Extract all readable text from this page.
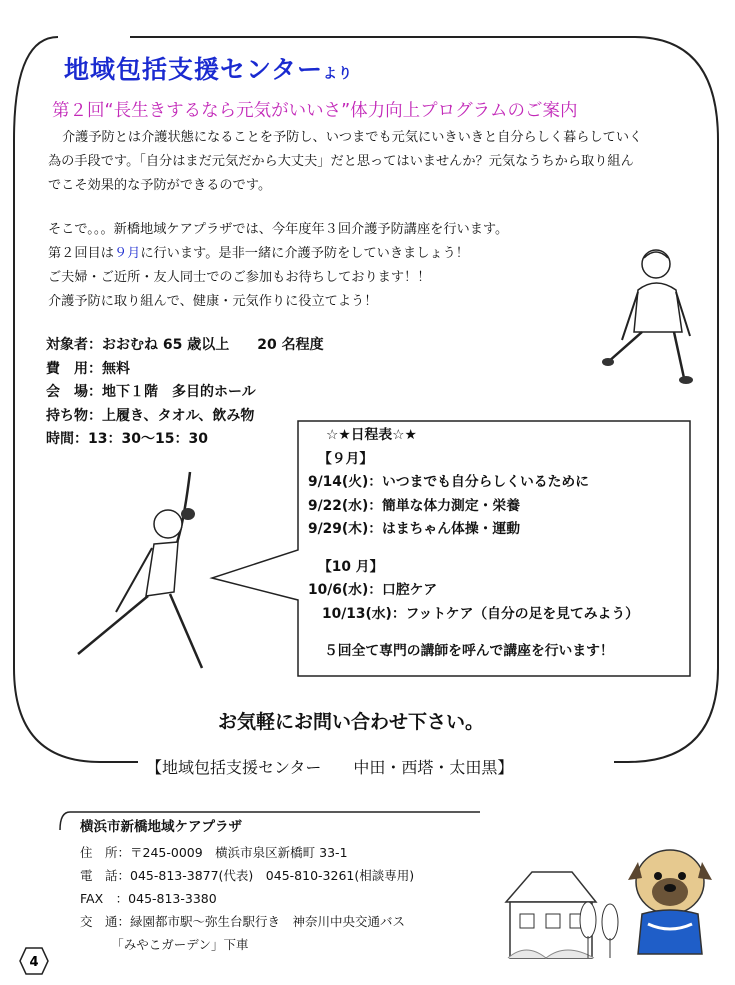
地域包括支援センターより
第２回“長生きするなら元気がいいさ”体力向上プログラムのご案内
介護予防とは介護状態になることを予防し、いつまでも元気にいきいきと自分らしく暮らしていく
為の手段です。「自分はまだ元気だから大丈夫」だと思ってはいませんか？元気なうちから取り組ん
でこそ効果的な予防ができるのです。
そこで。。。新橋地域ケアプラザでは、今年度年３回介護予防講座を行います。
第２回目は９月に行います。是非一緒に介護予防をしていきましょう！
ご夫婦・ご近所・友人同士でのご参加もお待ちしております！！
介護予防に取り組んで、健康・元気作りに役立てよう！
対象者：おおむね 65 歳以上　　20 名程度
費　用：無料
会　場：地下１階　多目的ホール
持ち物：上履き、タオル、飲み物
時間：13：30～15：30	☆★日程表☆★
【９月】
9/14(火)：いつまでも自分らしくいるために
9/22(水)：簡単な体力測定・栄養
9/29(木)：はまちゃん体操・運動
【10 月】
10/6(水)：口腔ケア
10/13(水)：フットケア（自分の足を見てみよう）
５回全て専門の講師を呼んで講座を行います！
お気軽にお問い合わせ下さい。
【地域包括支援センター　　中田・西塔・太田黒】
横浜市新橋地域ケアプラザ
住　所：〒245-0009　横浜市泉区新橋町 33-1
電　話：045-813-3877(代表)　045-810-3261(相談専用)
FAX　：045-813-3380
交　通：緑園都市駅～弥生台駅行き　神奈川中央交通バス
　　　「みやこガーデン」下車
4
